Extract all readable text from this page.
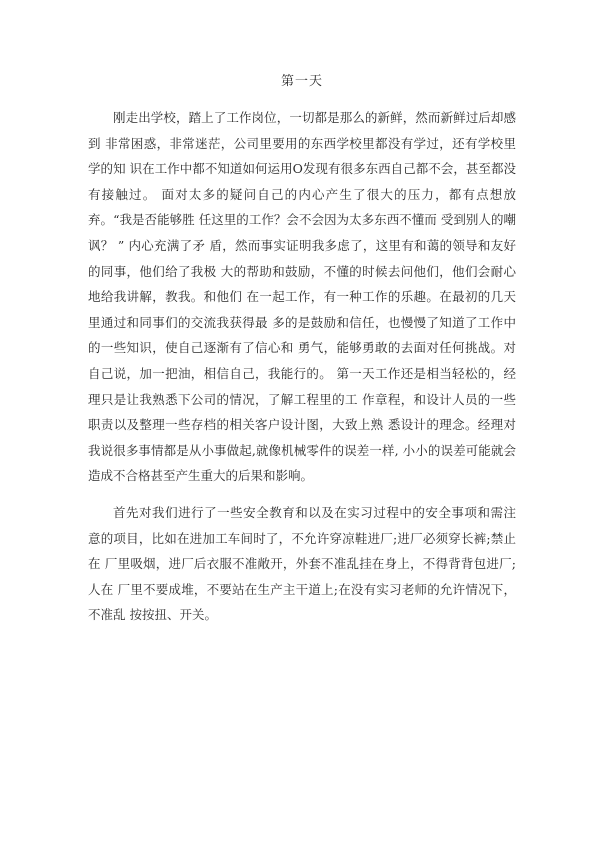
第一天

刚走出学校，踏上了工作岗位，一切都是那么的新鲜，然而新鲜过后却感到 非常困惑，非常迷茫，公司里要用的东西学校里都没有学过，还有学校里学的知 识在工作中都不知道如何运用O发现有很多东西自己都不会，甚至都没有接触过。 面对太多的疑问自己的内心产生了很大的压力，都有点想放弃。“我是否能够胜 任这里的工作？会不会因为太多东西不懂而 受到别人的嘲讽？ ” 内心充满了矛 盾，然而事实证明我多虑了，这里有和蔼的领导和友好的同事，他们给了我极 大的帮助和鼓励，不懂的时候去问他们，他们会耐心地给我讲解，教我。和他们 在一起工作，有一种工作的乐趣。在最初的几天里通过和同事们的交流我获得最 多的是鼓励和信任，也慢慢了知道了工作中的一些知识，使自己逐渐有了信心和 勇气，能够勇敢的去面对任何挑战。对自己说，加一把油，相信自己，我能行的。 第一天工作还是相当轻松的，经理只是让我熟悉下公司的情况，了解工程里的工 作章程，和设计人员的一些职责以及整理一些存档的相关客户设计图，大致上熟 悉设计的理念。经理对我说很多事情都是从小事做起,就像机械零件的误差一样, 小小的误差可能就会造成不合格甚至产生重大的后果和影响。

首先对我们进行了一些安全教育和以及在实习过程中的安全事项和需注 意的项目，比如在进加工车间时了，不允许穿凉鞋进厂;进厂必须穿长裤;禁止在 厂里吸烟，进厂后衣服不准敞开，外套不准乱挂在身上，不得背背包进厂;人在 厂里不要成堆，不要站在生产主干道上;在没有实习老师的允许情况下，不准乱 按按扭、开关。
